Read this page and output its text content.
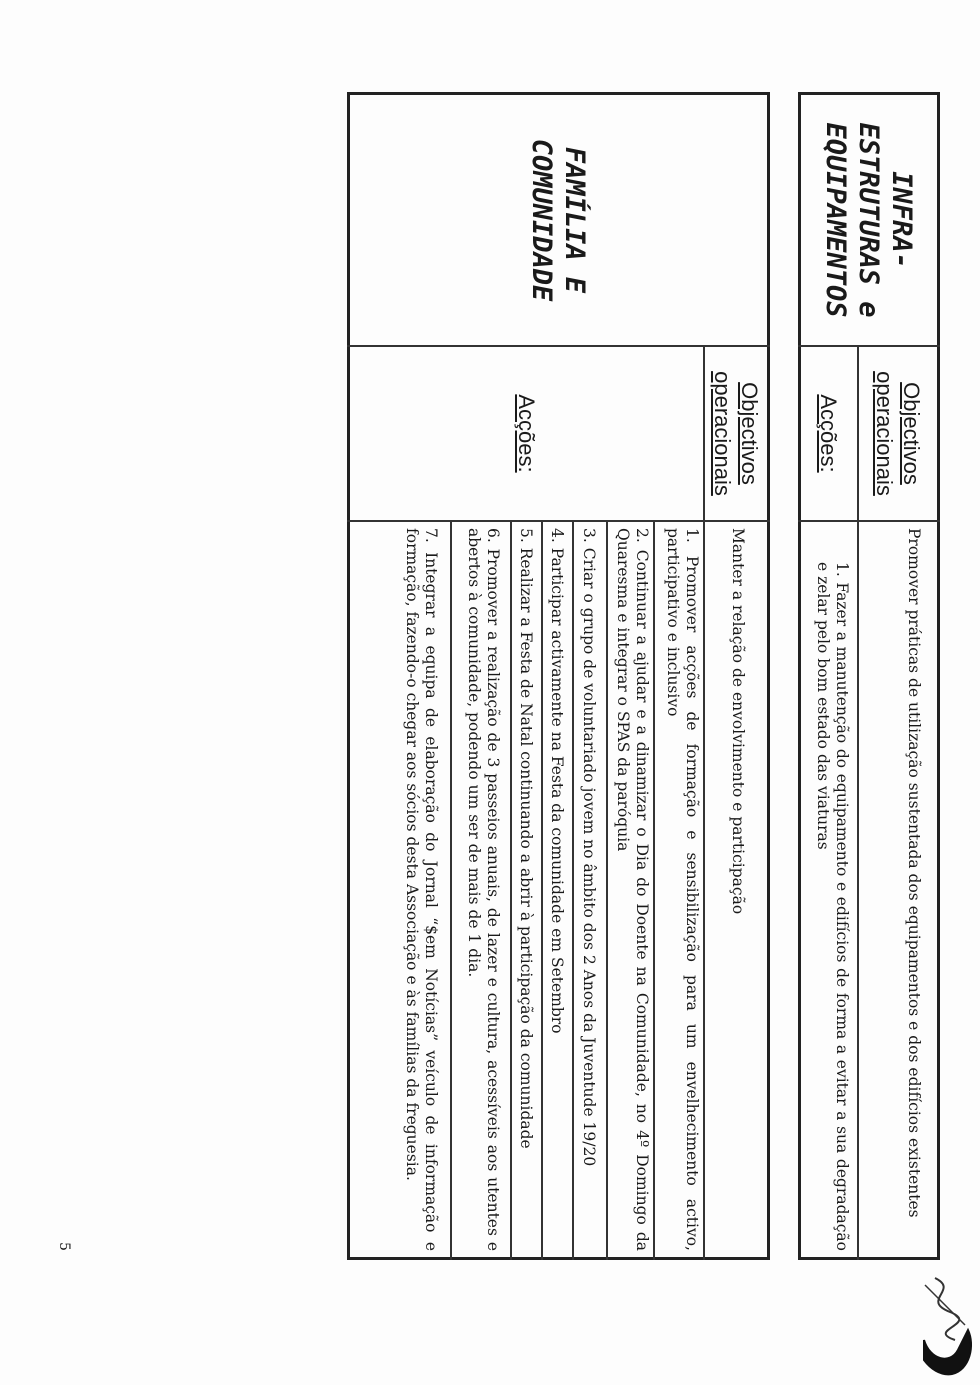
INFRA-
ESTRUTURAS e
EQUIPAMENTOS
Objectivos
operacionais
Acções:
Promover práticas de utilização sustentada dos equipamentos e dos edifícios existentes
1. Fazer a manutenção do equipamento e edifícios de forma a evitar a sua degradação e zelar pelo bom estado das viaturas
FAMÍLIA E
COMUNIDADE
Objectivos
operacionais
Acções:
Manter a relação de envolvimento e participação
1. Promover acções de formação e sensibilização para um envelhecimento activo, participativo e inclusivo
2. Continuar a ajudar e a dinamizar o Dia do Doente na Comunidade, no 4º Domingo da Quaresma e integrar o SPAS da paróquia
3. Criar o grupo de voluntariado jovem no âmbito dos 2 Anos da Juventude 19/20
4. Participar activamente na Festa da comunidade em Setembro
5. Realizar a Festa de Natal continuando a abrir à participação da comunidade
6. Promover a realização de 3 passeios anuais, de lazer e cultura, acessíveis aos utentes e abertos à comunidade, podendo um ser de mais de 1 dia.
7. Integrar a equipa de elaboração do Jornal “$em Notícias” veículo de informação e formação, fazendo-o chegar aos sócios desta Associação e às famílias da freguesia.
5
